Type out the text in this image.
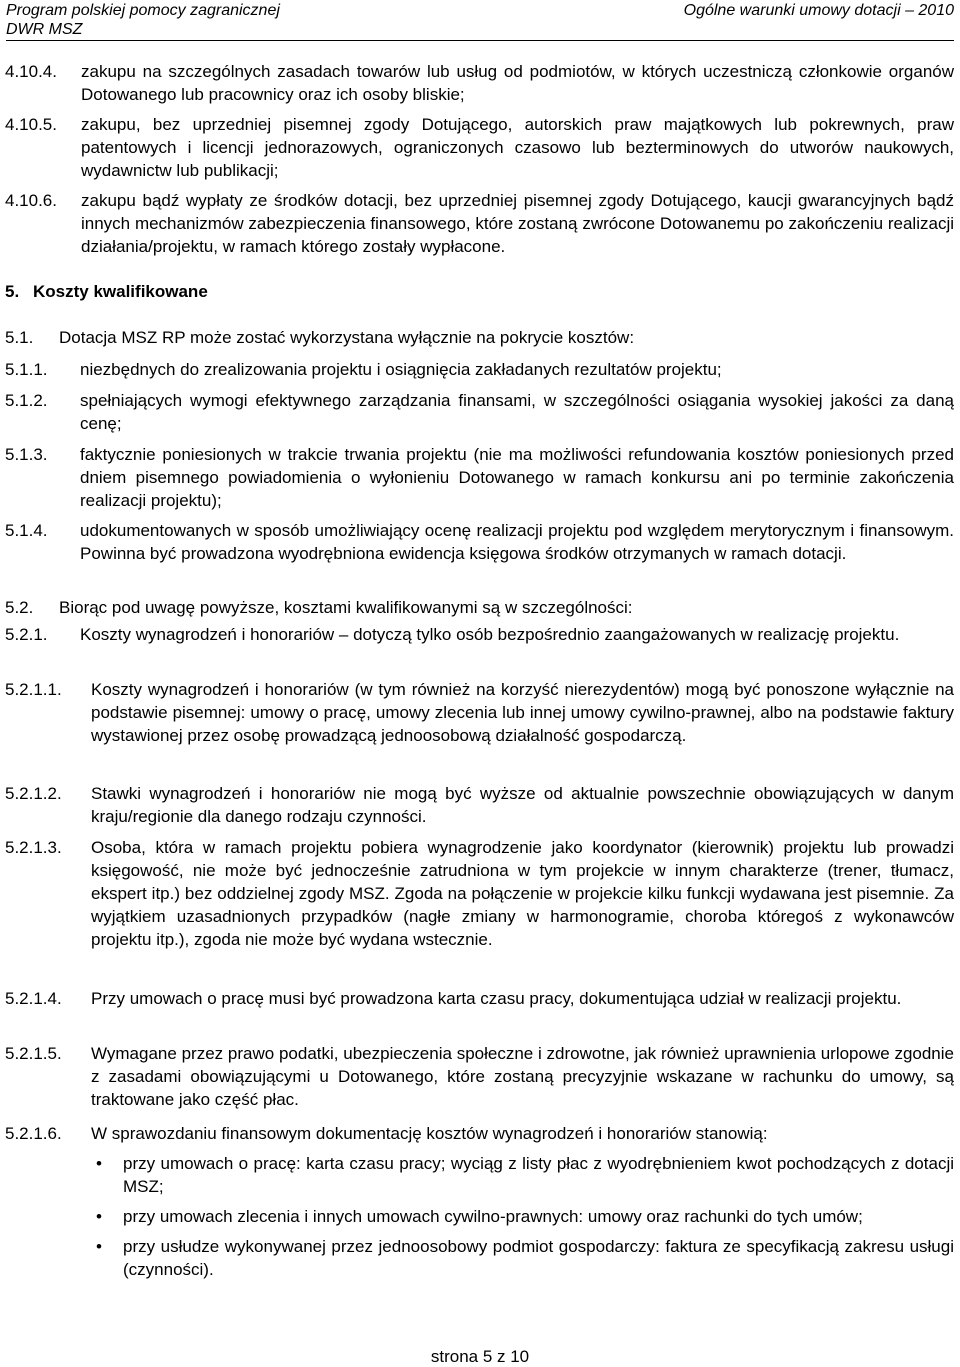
Program polskiej pomocy zagranicznej
DWR MSZ
Ogólne warunki umowy dotacji – 2010
4.10.4.	zakupu na szczególnych zasadach towarów lub usług od podmiotów, w których uczestniczą członkowie organów Dotowanego lub pracownicy oraz ich osoby bliskie;
4.10.5.	zakupu, bez uprzedniej pisemnej zgody Dotującego, autorskich praw majątkowych lub pokrewnych, praw patentowych i licencji jednorazowych, ograniczonych czasowo lub bezterminowych do utworów naukowych, wydawnictw lub publikacji;
4.10.6.	zakupu bądź wypłaty ze środków dotacji, bez uprzedniej pisemnej zgody Dotującego, kaucji gwarancyjnych bądź innych mechanizmów zabezpieczenia finansowego, które zostaną zwrócone Dotowanemu po zakończeniu realizacji działania/projektu, w ramach którego zostały wypłacone.
5. Koszty kwalifikowane
5.1.	Dotacja MSZ RP może zostać wykorzystana wyłącznie na pokrycie kosztów:
5.1.1.	niezbędnych do zrealizowania projektu i osiągnięcia zakładanych rezultatów projektu;
5.1.2.	spełniających wymogi efektywnego zarządzania finansami, w szczególności osiągania wysokiej jakości za daną cenę;
5.1.3.	faktycznie poniesionych w trakcie trwania projektu (nie ma możliwości refundowania kosztów poniesionych przed dniem pisemnego powiadomienia o wyłonieniu Dotowanego w ramach konkursu ani po terminie zakończenia realizacji projektu);
5.1.4.	udokumentowanych w sposób umożliwiający ocenę realizacji projektu pod względem merytorycznym i finansowym. Powinna być prowadzona wyodrębniona ewidencja księgowa środków otrzymanych w ramach dotacji.
5.2.	Biorąc pod uwagę powyższe, kosztami kwalifikowanymi są w szczególności:
5.2.1.	Koszty wynagrodzeń i honorariów – dotyczą tylko osób bezpośrednio zaangażowanych w realizację projektu.
5.2.1.1.	Koszty wynagrodzeń i honorariów (w tym również na korzyść nierezydentów) mogą być ponoszone wyłącznie na podstawie pisemnej: umowy o pracę, umowy zlecenia lub innej umowy cywilno-prawnej, albo na podstawie faktury wystawionej przez osobę prowadzącą jednoosobową działalność gospodarczą.
5.2.1.2.	Stawki wynagrodzeń i honorariów nie mogą być wyższe od aktualnie powszechnie obowiązujących w danym kraju/regionie dla danego rodzaju czynności.
5.2.1.3.	Osoba, która w ramach projektu pobiera wynagrodzenie jako koordynator (kierownik) projektu lub prowadzi księgowość, nie może być jednocześnie zatrudniona w tym projekcie w innym charakterze (trener, tłumacz, ekspert itp.) bez oddzielnej zgody MSZ. Zgoda na połączenie w projekcie kilku funkcji wydawana jest pisemnie. Za wyjątkiem uzasadnionych przypadków (nagłe zmiany w harmonogramie, choroba któregoś z wykonawców projektu itp.), zgoda nie może być wydana wstecznie.
5.2.1.4.	Przy umowach o pracę musi być prowadzona karta czasu pracy, dokumentująca udział w realizacji projektu.
5.2.1.5.	Wymagane przez prawo podatki, ubezpieczenia społeczne i zdrowotne, jak również uprawnienia urlopowe zgodnie z zasadami obowiązującymi u Dotowanego, które zostaną precyzyjnie wskazane w rachunku do umowy, są traktowane jako część płac.
5.2.1.6.	W sprawozdaniu finansowym dokumentację kosztów wynagrodzeń i honorariów stanowią:
•	przy umowach o pracę: karta czasu pracy; wyciąg z listy płac z wyodrębnieniem kwot pochodzących z dotacji MSZ;
•	przy umowach zlecenia i innych umowach cywilno-prawnych: umowy oraz rachunki do tych umów;
•	przy usłudze wykonywanej przez jednoosobowy podmiot gospodarczy: faktura ze specyfikacją zakresu usługi (czynności).
strona 5 z 10
